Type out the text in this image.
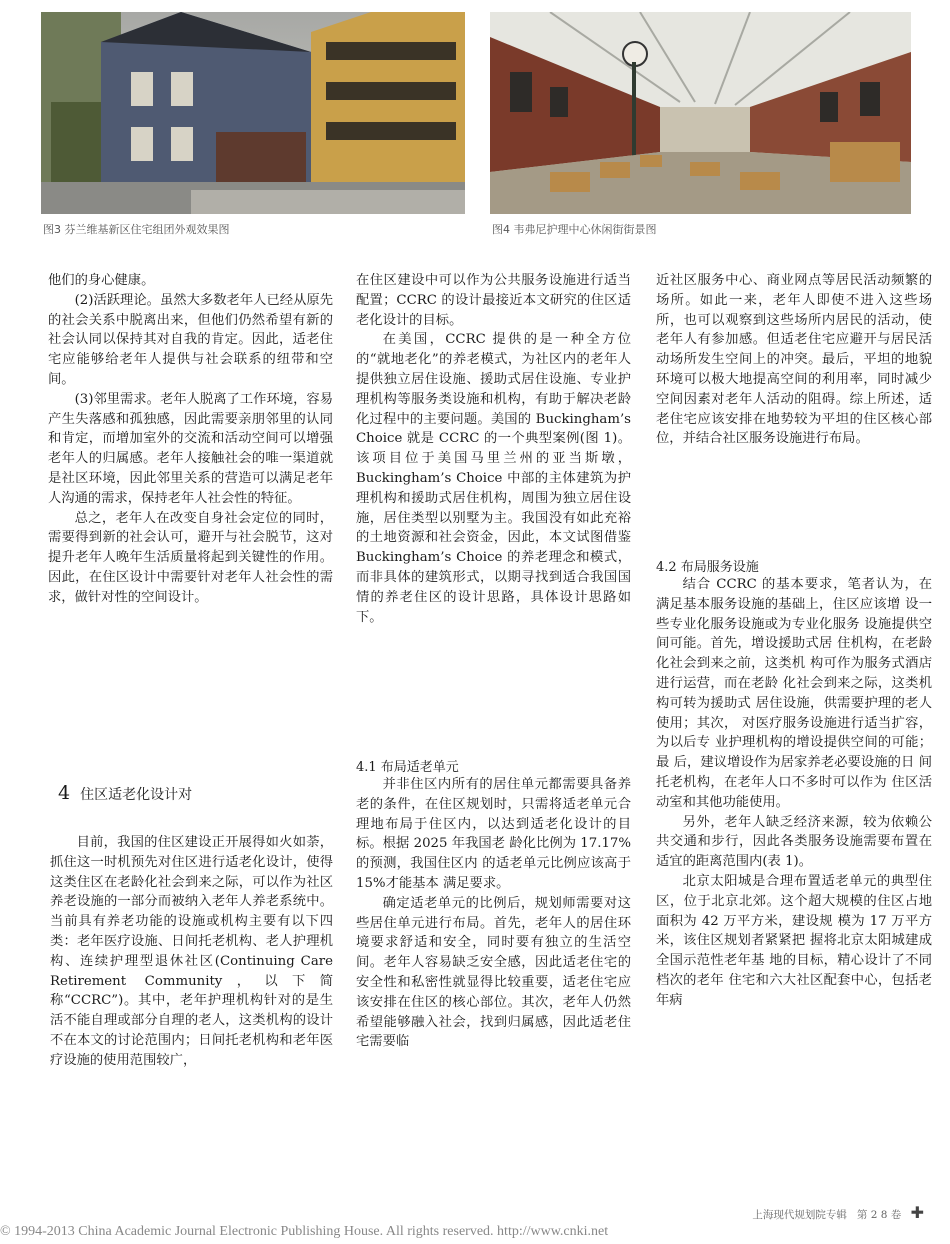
图3 芬兰维基新区住宅组团外观效果图	图4 韦弗尼护理中心休闲街街景图

他们的身心健康。

(2)活跃理论。虽然大多数老年人已经从原先的社会关系中脱离出来，但他们仍然希望有新的社会认同以保持其对自我的肯定。因此，适老住宅应能够给老年人提供与社会联系的纽带和空间。

(3)邻里需求。老年人脱离了工作环境，容易产生失落感和孤独感，因此需要亲朋邻里的认同和肯定，而增加室外的交流和活动空间可以增强老年人的归属感。老年人接触社会的唯一渠道就是社区环境，因此邻里关系的营造可以满足老年人沟通的需求，保持老年人社会性的特征。

总之，老年人在改变自身社会定位的同时，需要得到新的社会认可，避开与社会脱节，这对提升老年人晚年生活质量将起到关键性的作用。因此，在住区设计中需要针对老年人社会性的需求，做针对性的空间设计。

4 住区适老化设计对

目前，我国的住区建设正开展得如火如荼，抓住这一时机预先对住区进行适老化设计，使得这类住区在老龄化社会到来之际，可以作为社区养老设施的一部分而被纳入老年人养老系统中。当前具有养老功能的设施或机构主要有以下四类：老年医疗设施、日间托老机构、老人护理机构、连续护理型退休社区(Continuing Care Retirement Community，以下简称“CCRC”)。其中，老年护理机构针对的是生活不能自理或部分自理的老人，这类机构的设计不在本文的讨论范围内；日间托老机构和老年医疗设施的使用范围较广，

在住区建设中可以作为公共服务设施进行适当配置；CCRC 的设计最接近本文研究的住区适老化设计的目标。

在美国，CCRC 提供的是一种全方位的“就地老化”的养老模式，为社区内的老年人提供独立居住设施、援助式居住设施、专业护理机构等服务类设施和机构，有助于解决老龄化过程中的主要问题。美国的 Buckingham’s Choice 就是 CCRC 的一个典型案例(图 1)。该项目位于美国马里兰州的亚当斯墩，Buckingham’s Choice 中部的主体建筑为护理机构和援助式居住机构，周围为独立居住设施，居住类型以别墅为主。我国没有如此充裕的土地资源和社会资金，因此，本文试图借鉴 Buckingham’s Choice 的养老理念和模式，而非具体的建筑形式，以期寻找到适合我国国情的养老住区的设计思路，具体设计思路如下。

4.1 布局适老单元

并非住区内所有的居住单元都需要具备养老的条件，在住区规划时，只需将适老单元合理地布局于住区内，以达到适老化设计的目标。根据 2025 年我国老 龄化比例为 17.17%的预测，我国住区内 的适老单元比例应该高于 15%才能基本 满足要求。

确定适老单元的比例后，规划师需要对这些居住单元进行布局。首先，老年人的居住环境要求舒适和安全，同时要有独立的生活空间。老年人容易缺乏安全感，因此适老住宅的安全性和私密性就显得比较重要，适老住宅应该安排在住区的核心部位。其次，老年人仍然希望能够融入社会，找到归属感，因此适老住宅需要临

近社区服务中心、商业网点等居民活动频繁的场所。如此一来，老年人即使不进入这些场所，也可以观察到这些场所内居民的活动，使老年人有参加感。但适老住宅应避开与居民活动场所发生空间上的冲突。最后，平坦的地貌环境可以极大地提高空间的利用率，同时减少空间因素对老年人活动的阻碍。综上所述，适老住宅应该安排在地势较为平坦的住区核心部位，并结合社区服务设施进行布局。

4.2 布局服务设施

结合 CCRC 的基本要求，笔者认为，在 满足基本服务设施的基础上，住区应该增 设一些专业化服务设施或为专业化服务 设施提供空间可能。首先，增设援助式居 住机构，在老龄化社会到来之前，这类机 构可作为服务式酒店进行运营，而在老龄 化社会到来之际，这类机构可转为援助式 居住设施，供需要护理的老人使用；其次， 对医疗服务设施进行适当扩容，为以后专 业护理机构的增设提供空间的可能；最 后，建议增设作为居家养老必要设施的日 间托老机构，在老年人口不多时可以作为 住区活动室和其他功能使用。

另外，老年人缺乏经济来源，较为依赖公共交通和步行，因此各类服务设施需要布置在适宜的距离范围内(表 1)。

北京太阳城是合理布置适老单元的典型住区，位于北京北郊。这个超大规模的住区占地面积为 42 万平方米，建设规 模为 17 万平方米，该住区规划者紧紧把 握将北京太阳城建成全国示范性老年基 地的目标，精心设计了不同档次的老年 住宅和六大社区配套中心，包括老年病

上海现代规划院专辑 第 2 8 卷 ✚
© 1994-2013 China Academic Journal Electronic Publishing House. All rights reserved. http://www.cnki.net
